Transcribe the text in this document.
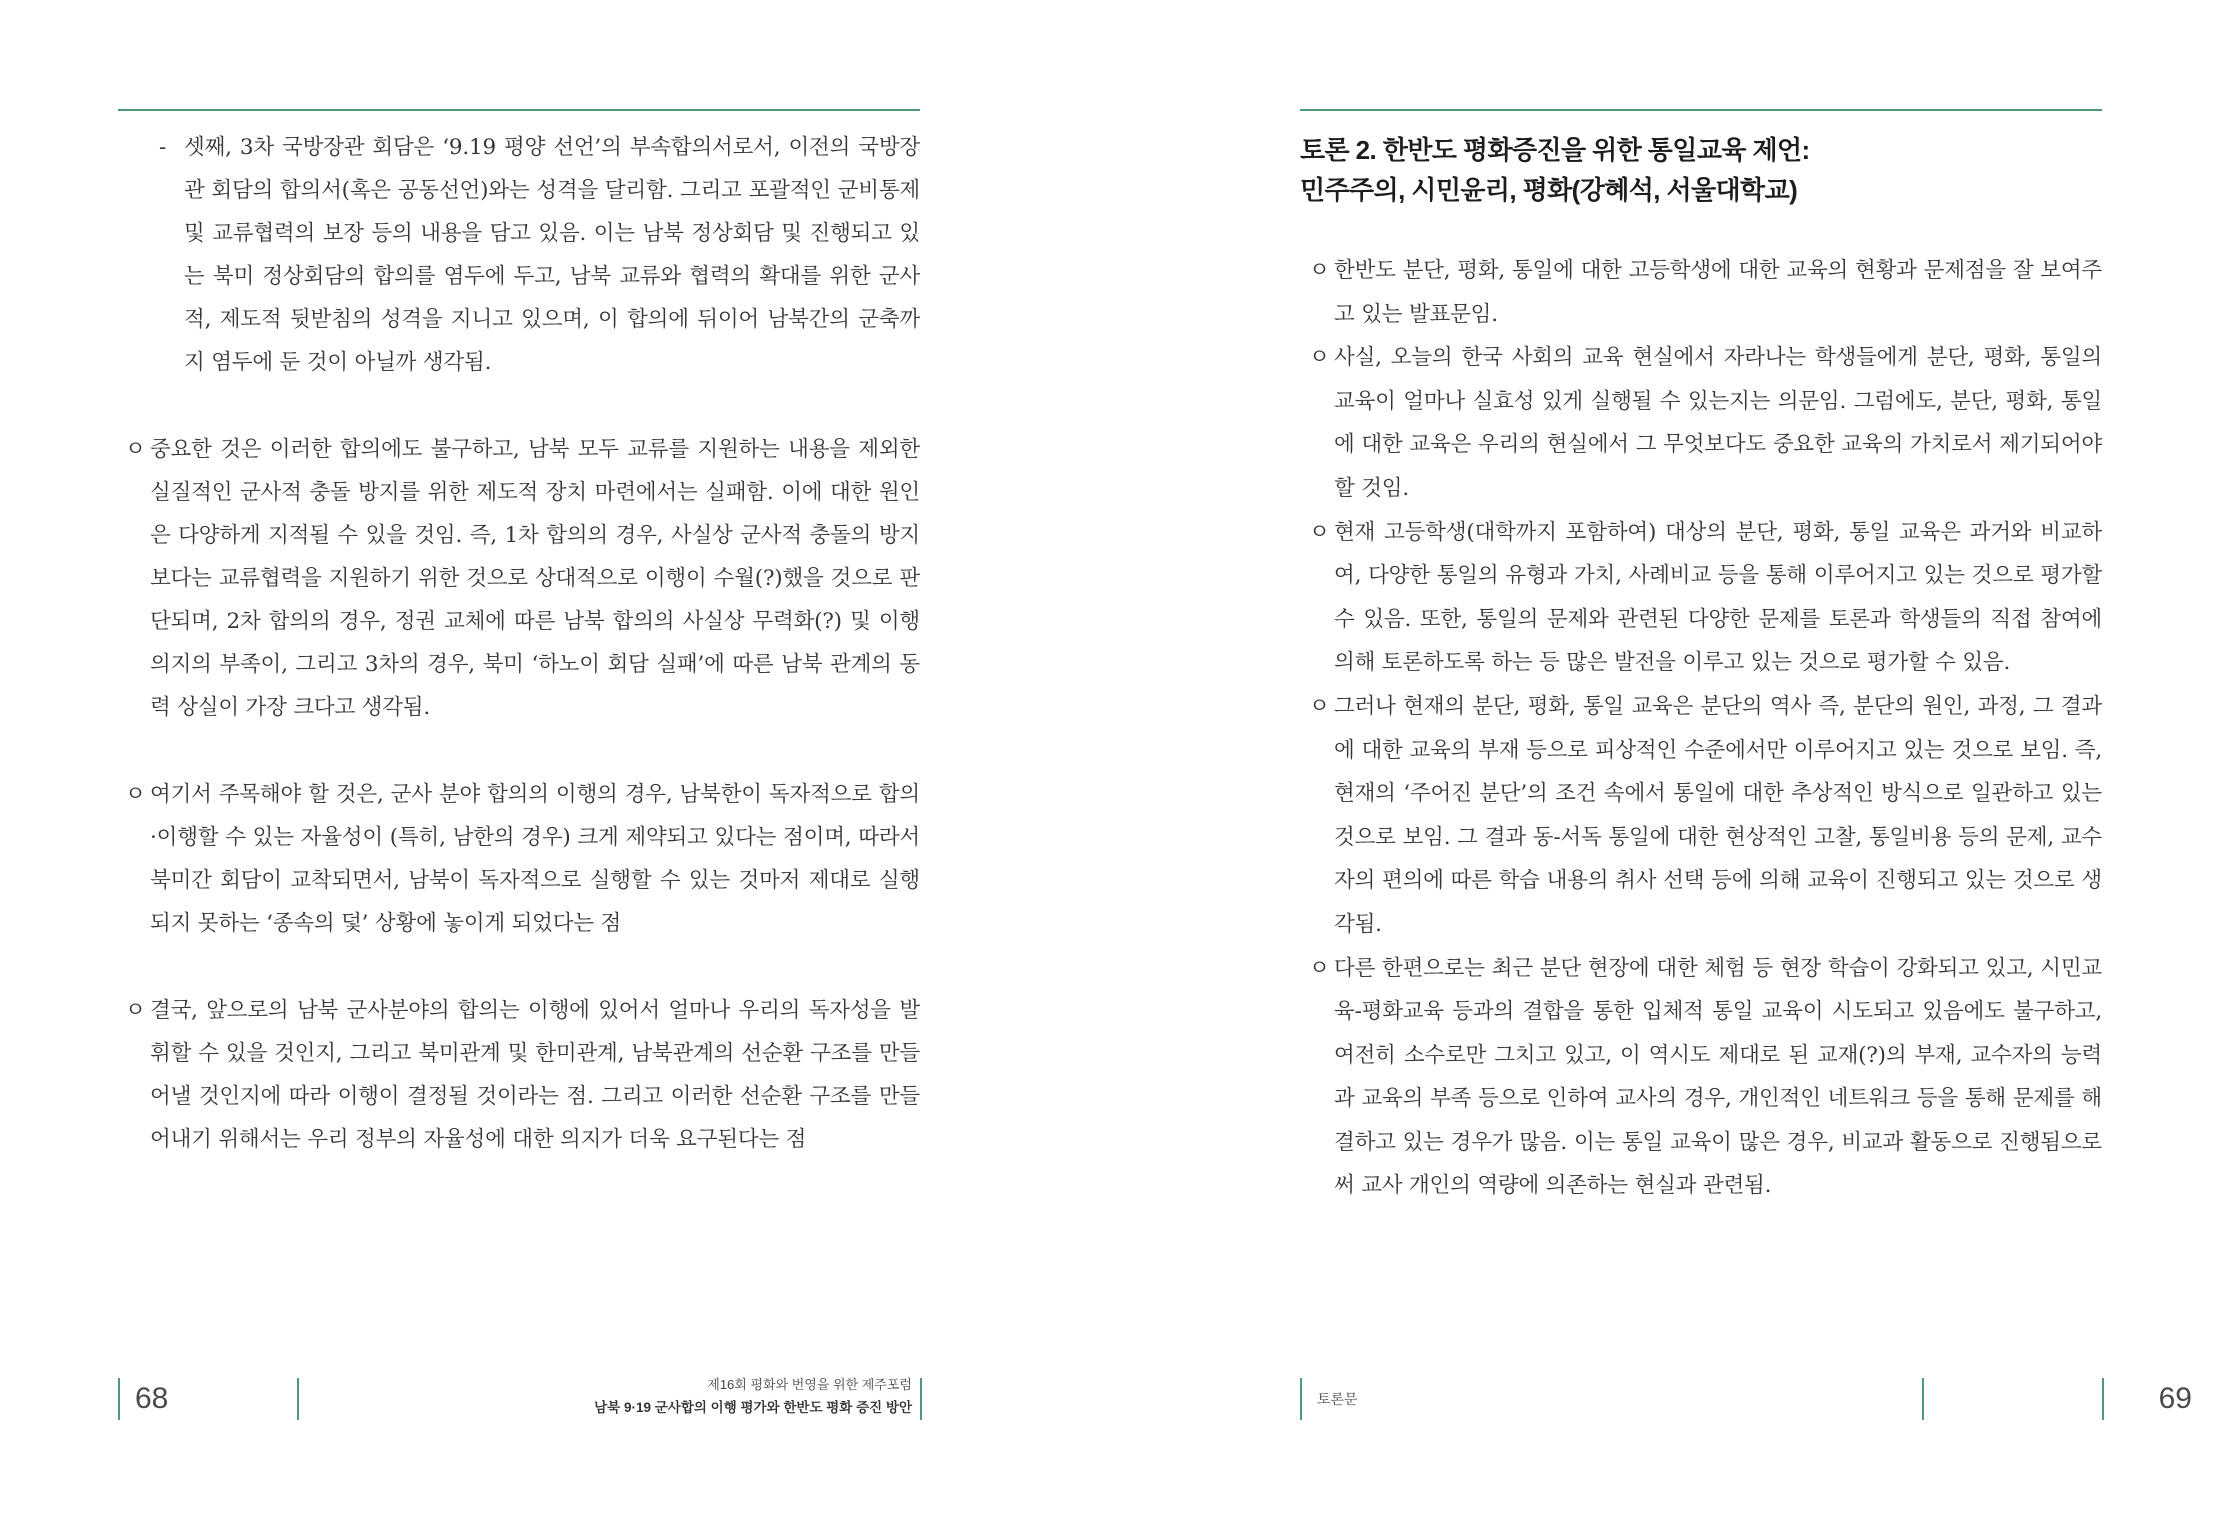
- 셋째, 3차 국방장관 회담은 ‘9.19 평양 선언’의 부속합의서로서, 이전의 국방장관 회담의 합의서(혹은 공동선언)와는 성격을 달리함. 그리고 포괄적인 군비통제 및 교류협력의 보장 등의 내용을 담고 있음. 이는 남북 정상회담 및 진행되고 있는 북미 정상회담의 합의를 염두에 두고, 남북 교류와 협력의 확대를 위한 군사적, 제도적 뒷받침의 성격을 지니고 있으며, 이 합의에 뒤이어 남북간의 군축까지 염두에 둔 것이 아닐까 생각됨.

ㅇ 중요한 것은 이러한 합의에도 불구하고, 남북 모두 교류를 지원하는 내용을 제외한 실질적인 군사적 충돌 방지를 위한 제도적 장치 마련에서는 실패함. 이에 대한 원인은 다양하게 지적될 수 있을 것임. 즉, 1차 합의의 경우, 사실상 군사적 충돌의 방지보다는 교류협력을 지원하기 위한 것으로 상대적으로 이행이 수월(?)했을 것으로 판단되며, 2차 합의의 경우, 정권 교체에 따른 남북 합의의 사실상 무력화(?) 및 이행 의지의 부족이, 그리고 3차의 경우, 북미 ‘하노이 회담 실패’에 따른 남북 관계의 동력 상실이 가장 크다고 생각됨.

ㅇ 여기서 주목해야 할 것은, 군사 분야 합의의 이행의 경우, 남북한이 독자적으로 합의·이행할 수 있는 자율성이 (특히, 남한의 경우) 크게 제약되고 있다는 점이며, 따라서 북미간 회담이 교착되면서, 남북이 독자적으로 실행할 수 있는 것마저 제대로 실행되지 못하는 ‘종속의 덫’ 상황에 놓이게 되었다는 점

ㅇ 결국, 앞으로의 남북 군사분야의 합의는 이행에 있어서 얼마나 우리의 독자성을 발휘할 수 있을 것인지, 그리고 북미관계 및 한미관계, 남북관계의 선순환 구조를 만들어낼 것인지에 따라 이행이 결정될 것이라는 점. 그리고 이러한 선순환 구조를 만들어내기 위해서는 우리 정부의 자율성에 대한 의지가 더욱 요구된다는 점

68	제16회 평화와 번영을 위한 제주포럼
남북 9·19 군사합의 이행 평가와 한반도 평화 증진 방안
토론 2. 한반도 평화증진을 위한 통일교육 제언:
민주주의, 시민윤리, 평화(강혜석, 서울대학교)
ㅇ 한반도 분단, 평화, 통일에 대한 고등학생에 대한 교육의 현황과 문제점을 잘 보여주고 있는 발표문임.

ㅇ 사실, 오늘의 한국 사회의 교육 현실에서 자라나는 학생들에게 분단, 평화, 통일의 교육이 얼마나 실효성 있게 실행될 수 있는지는 의문임. 그럼에도, 분단, 평화, 통일에 대한 교육은 우리의 현실에서 그 무엇보다도 중요한 교육의 가치로서 제기되어야 할 것임.

ㅇ 현재 고등학생(대학까지 포함하여) 대상의 분단, 평화, 통일 교육은 과거와 비교하여, 다양한 통일의 유형과 가치, 사례비교 등을 통해 이루어지고 있는 것으로 평가할 수 있음. 또한, 통일의 문제와 관련된 다양한 문제를 토론과 학생들의 직접 참여에 의해 토론하도록 하는 등 많은 발전을 이루고 있는 것으로 평가할 수 있음.

ㅇ 그러나 현재의 분단, 평화, 통일 교육은 분단의 역사 즉, 분단의 원인, 과정, 그 결과에 대한 교육의 부재 등으로 피상적인 수준에서만 이루어지고 있는 것으로 보임. 즉, 현재의 ‘주어진 분단’의 조건 속에서 통일에 대한 추상적인 방식으로 일관하고 있는 것으로 보임. 그 결과 동-서독 통일에 대한 현상적인 고찰, 통일비용 등의 문제, 교수자의 편의에 따른 학습 내용의 취사 선택 등에 의해 교육이 진행되고 있는 것으로 생각됨.

ㅇ 다른 한편으로는 최근 분단 현장에 대한 체험 등 현장 학습이 강화되고 있고, 시민교육-평화교육 등과의 결합을 통한 입체적 통일 교육이 시도되고 있음에도 불구하고, 여전히 소수로만 그치고 있고, 이 역시도 제대로 된 교재(?)의 부재, 교수자의 능력과 교육의 부족 등으로 인하여 교사의 경우, 개인적인 네트워크 등을 통해 문제를 해결하고 있는 경우가 많음. 이는 통일 교육이 많은 경우, 비교과 활동으로 진행됨으로써 교사 개인의 역량에 의존하는 현실과 관련됨.

토론문	69
